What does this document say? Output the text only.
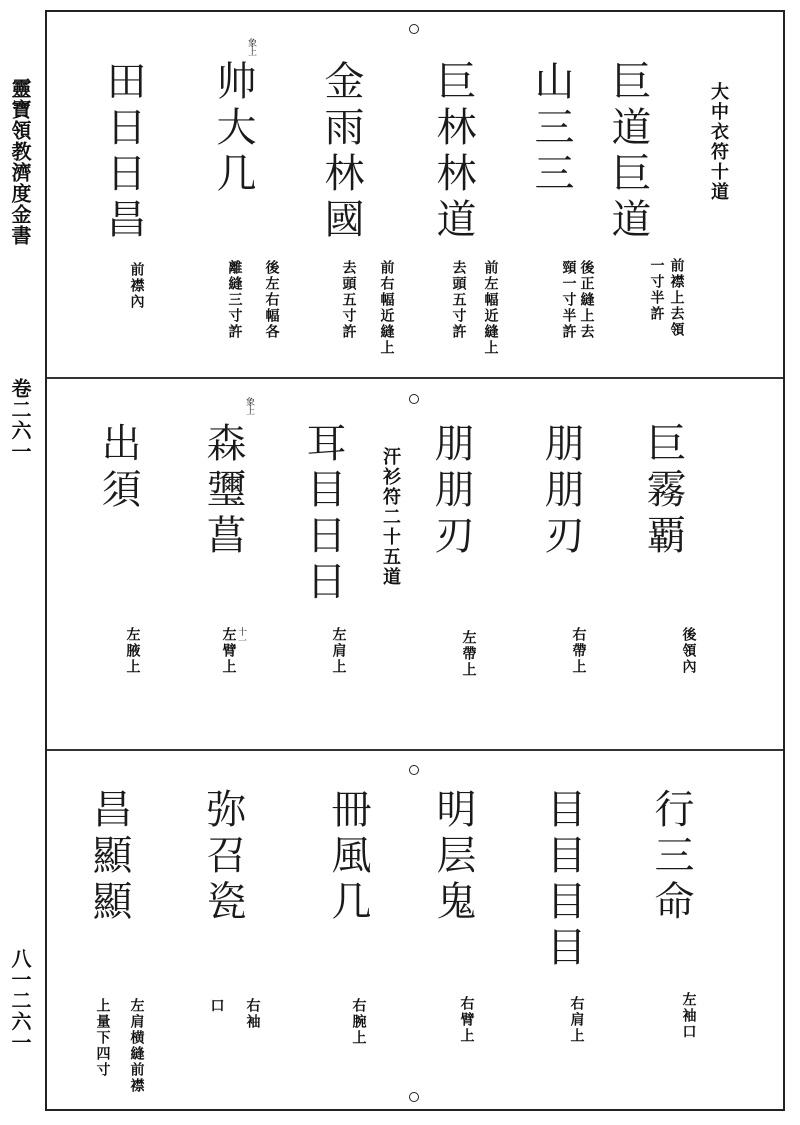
靈寶領教濟度金書
卷二六一
八一二六一
大中衣符十道
巨道巨道
前襟上去領
一寸半許
山三三
後正縫上去
頸一寸半許
巨林林道
前左幅近縫上
去頭五寸許
金雨林國
前右幅近縫上
去頭五寸許
象上
帅大几
後左右幅各
離縫三寸許
田日日昌
前襟內
汗衫符二十五道	巨霧覇
後領內
朋朋刃
右帶上
朋朋刃
左帶上
耳目日日
左肩上
象上
森瓕菖
十一
左臂上
出須
左腋上
行三命
左袖口
目目目目
右肩上
明层鬼
右臂上
冊風几
右腕上
弥召瓷
右袖
口
昌顯顯
左肩横縫前襟
上量下四寸
